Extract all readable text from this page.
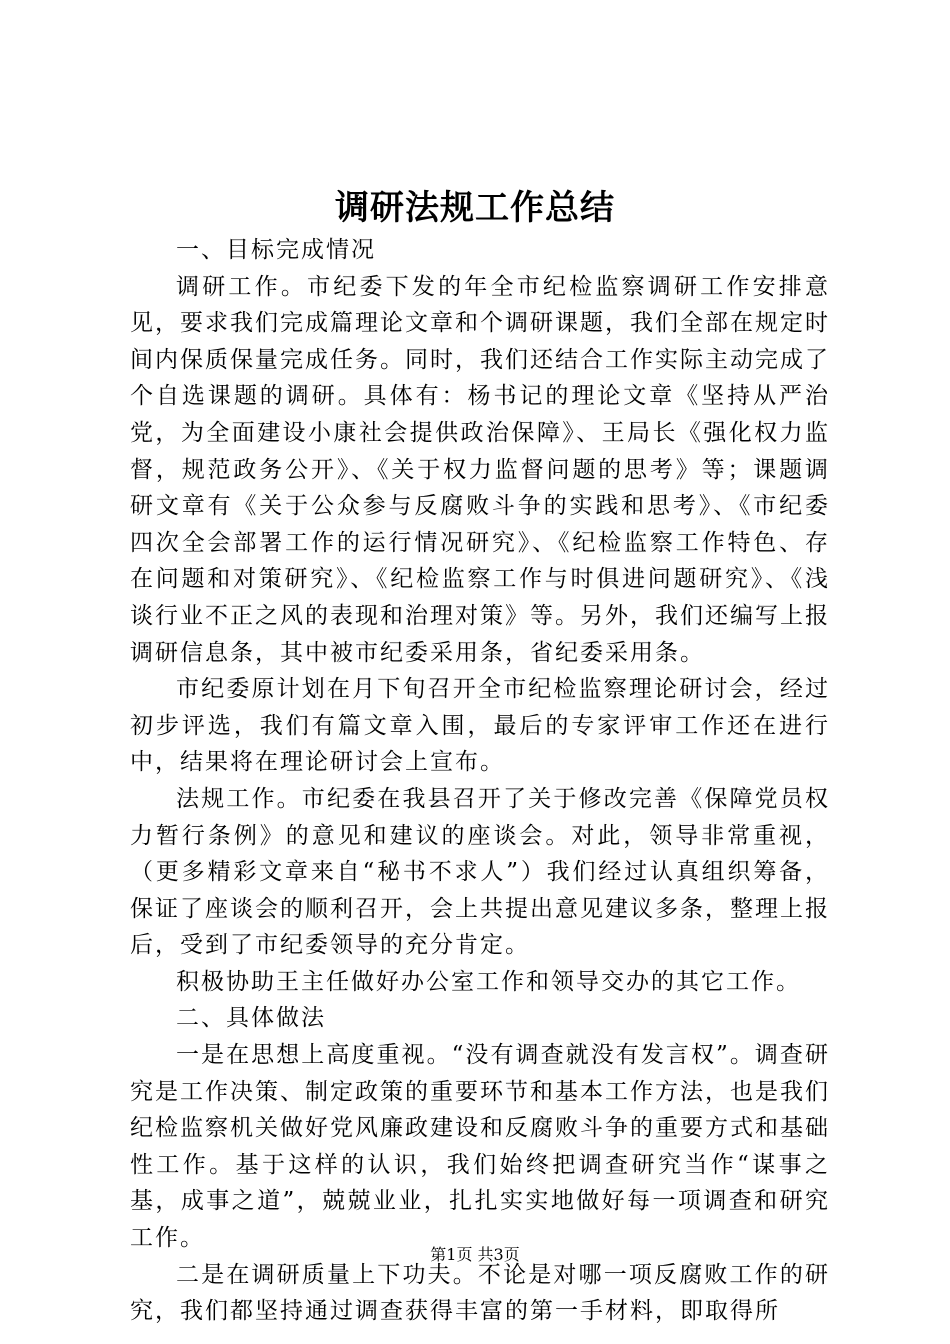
调研法规工作总结

一、目标完成情况

调研工作。市纪委下发的年全市纪检监察调研工作安排意见，要求我们完成篇理论文章和个调研课题，我们全部在规定时间内保质保量完成任务。同时，我们还结合工作实际主动完成了个自选课题的调研。具体有：杨书记的理论文章《坚持从严治党，为全面建设小康社会提供政治保障》、王局长《强化权力监督，规范政务公开》、《关于权力监督问题的思考》等；课题调研文章有《关于公众参与反腐败斗争的实践和思考》、《市纪委四次全会部署工作的运行情况研究》、《纪检监察工作特色、存在问题和对策研究》、《纪检监察工作与时俱进问题研究》、《浅谈行业不正之风的表现和治理对策》等。另外，我们还编写上报调研信息条，其中被市纪委采用条，省纪委采用条。

市纪委原计划在月下旬召开全市纪检监察理论研讨会，经过初步评选，我们有篇文章入围，最后的专家评审工作还在进行中，结果将在理论研讨会上宣布。

法规工作。市纪委在我县召开了关于修改完善《保障党员权力暂行条例》的意见和建议的座谈会。对此，领导非常重视，（更多精彩文章来自“秘书不求人”）我们经过认真组织筹备，保证了座谈会的顺利召开，会上共提出意见建议多条，整理上报后，受到了市纪委领导的充分肯定。

积极协助王主任做好办公室工作和领导交办的其它工作。

二、具体做法

一是在思想上高度重视。“没有调查就没有发言权”。调查研究是工作决策、制定政策的重要环节和基本工作方法，也是我们纪检监察机关做好党风廉政建设和反腐败斗争的重要方式和基础性工作。基于这样的认识，我们始终把调查研究当作“谋事之基，成事之道”，兢兢业业，扎扎实实地做好每一项调查和研究工作。

二是在调研质量上下功夫。不论是对哪一项反腐败工作的研究，我们都坚持通过调查获得丰富的第一手材料，即取得所

第1页 共3页
